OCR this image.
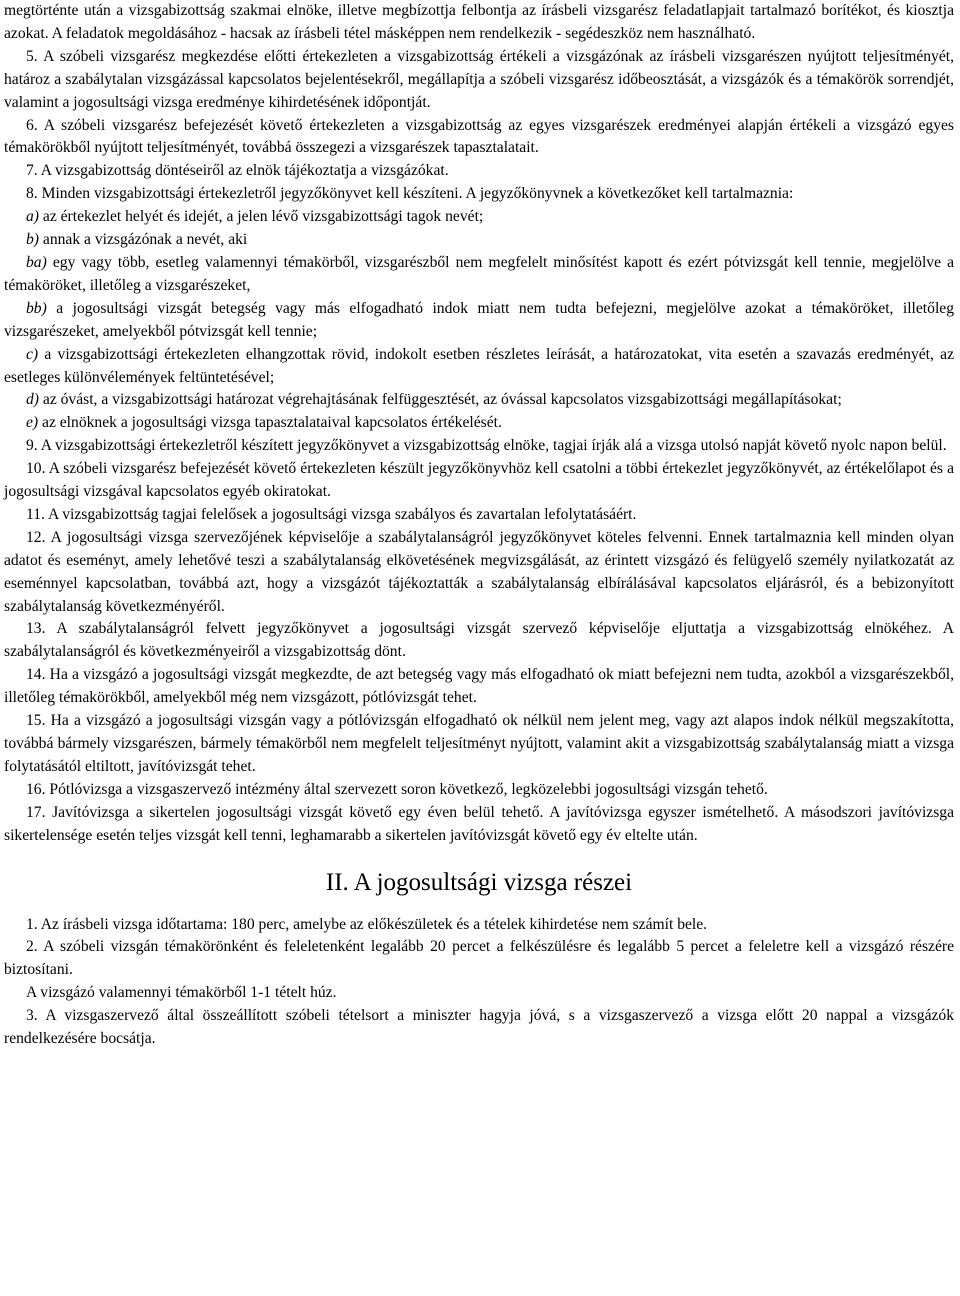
megtörténte után a vizsgabizottság szakmai elnöke, illetve megbízottja felbontja az írásbeli vizsgarész feladatlapjait tartalmazó borítékot, és kiosztja azokat. A feladatok megoldásához - hacsak az írásbeli tétel másképpen nem rendelkezik - segédeszköz nem használható.

5. A szóbeli vizsgarész megkezdése előtti értekezleten a vizsgabizottság értékeli a vizsgázónak az írásbeli vizsgarészen nyújtott teljesítményét, határoz a szabálytalan vizsgázással kapcsolatos bejelentésekről, megállapítja a szóbeli vizsgarész időbeosztását, a vizsgázók és a témakörök sorrendjét, valamint a jogosultsági vizsga eredménye kihirdetésének időpontját.

6. A szóbeli vizsgarész befejezését követő értekezleten a vizsgabizottság az egyes vizsgarészek eredményei alapján értékeli a vizsgázó egyes témakörökből nyújtott teljesítményét, továbbá összegezi a vizsgarészek tapasztalatait.

7. A vizsgabizottság döntéseiről az elnök tájékoztatja a vizsgázókat.

8. Minden vizsgabizottsági értekezletről jegyzőkönyvet kell készíteni. A jegyzőkönyvnek a következőket kell tartalmaznia:

a) az értekezlet helyét és idejét, a jelen lévő vizsgabizottsági tagok nevét;

b) annak a vizsgázónak a nevét, aki

ba) egy vagy több, esetleg valamennyi témakörből, vizsgarészből nem megfelelt minősítést kapott és ezért pótvizsgát kell tennie, megjelölve a témaköröket, illetőleg a vizsgarészeket,

bb) a jogosultsági vizsgát betegség vagy más elfogadható indok miatt nem tudta befejezni, megjelölve azokat a témaköröket, illetőleg vizsgarészeket, amelyekből pótvizsgát kell tennie;

c) a vizsgabizottsági értekezleten elhangzottak rövid, indokolt esetben részletes leírását, a határozatokat, vita esetén a szavazás eredményét, az esetleges különvélemények feltüntetésével;

d) az óvást, a vizsgabizottsági határozat végrehajtásának felfüggesztését, az óvással kapcsolatos vizsgabizottsági megállapításokat;

e) az elnöknek a jogosultsági vizsga tapasztalataival kapcsolatos értékelését.

9. A vizsgabizottsági értekezletről készített jegyzőkönyvet a vizsgabizottság elnöke, tagjai írják alá a vizsga utolsó napját követő nyolc napon belül.

10. A szóbeli vizsgarész befejezését követő értekezleten készült jegyzőkönyvhöz kell csatolni a többi értekezlet jegyzőkönyvét, az értékelőlapot és a jogosultsági vizsgával kapcsolatos egyéb okiratokat.

11. A vizsgabizottság tagjai felelősek a jogosultsági vizsga szabályos és zavartalan lefolytatásáért.

12. A jogosultsági vizsga szervezőjének képviselője a szabálytalanságról jegyzőkönyvet köteles felvenni. Ennek tartalmaznia kell minden olyan adatot és eseményt, amely lehetővé teszi a szabálytalanság elkövetésének megvizsgálását, az érintett vizsgázó és felügyelő személy nyilatkozatát az eseménnyel kapcsolatban, továbbá azt, hogy a vizsgázót tájékoztatták a szabálytalanság elbírálásával kapcsolatos eljárásról, és a bebizonyított szabálytalanság következményéről.

13. A szabálytalanságról felvett jegyzőkönyvet a jogosultsági vizsgát szervező képviselője eljuttatja a vizsgabizottság elnökéhez. A szabálytalanságról és következményeiről a vizsgabizottság dönt.

14. Ha a vizsgázó a jogosultsági vizsgát megkezdte, de azt betegség vagy más elfogadható ok miatt befejezni nem tudta, azokból a vizsgarészekből, illetőleg témakörökből, amelyekből még nem vizsgázott, pótlóvizsgát tehet.

15. Ha a vizsgázó a jogosultsági vizsgán vagy a pótlóvizsgán elfogadható ok nélkül nem jelent meg, vagy azt alapos indok nélkül megszakította, továbbá bármely vizsgarészen, bármely témakörből nem megfelelt teljesítményt nyújtott, valamint akit a vizsgabizottság szabálytalanság miatt a vizsga folytatásától eltiltott, javítóvizsgát tehet.

16. Pótlóvizsga a vizsgaszervező intézmény által szervezett soron következő, legközelebbi jogosultsági vizsgán tehető.

17. Javítóvizsga a sikertelen jogosultsági vizsgát követő egy éven belül tehető. A javítóvizsga egyszer ismételhető. A másodszori javítóvizsga sikertelensége esetén teljes vizsgát kell tenni, leghamarabb a sikertelen javítóvizsgát követő egy év eltelte után.

II. A jogosultsági vizsga részei

1. Az írásbeli vizsga időtartama: 180 perc, amelybe az előkészületek és a tételek kihirdetése nem számít bele.

2. A szóbeli vizsgán témakörönként és feleletenként legalább 20 percet a felkészülésre és legalább 5 percet a feleletre kell a vizsgázó részére biztosítani.

A vizsgázó valamennyi témakörből 1-1 tételt húz.

3. A vizsgaszervező által összeállított szóbeli tételsort a miniszter hagyja jóvá, s a vizsgaszervező a vizsga előtt 20 nappal a vizsgázók rendelkezésére bocsátja.
